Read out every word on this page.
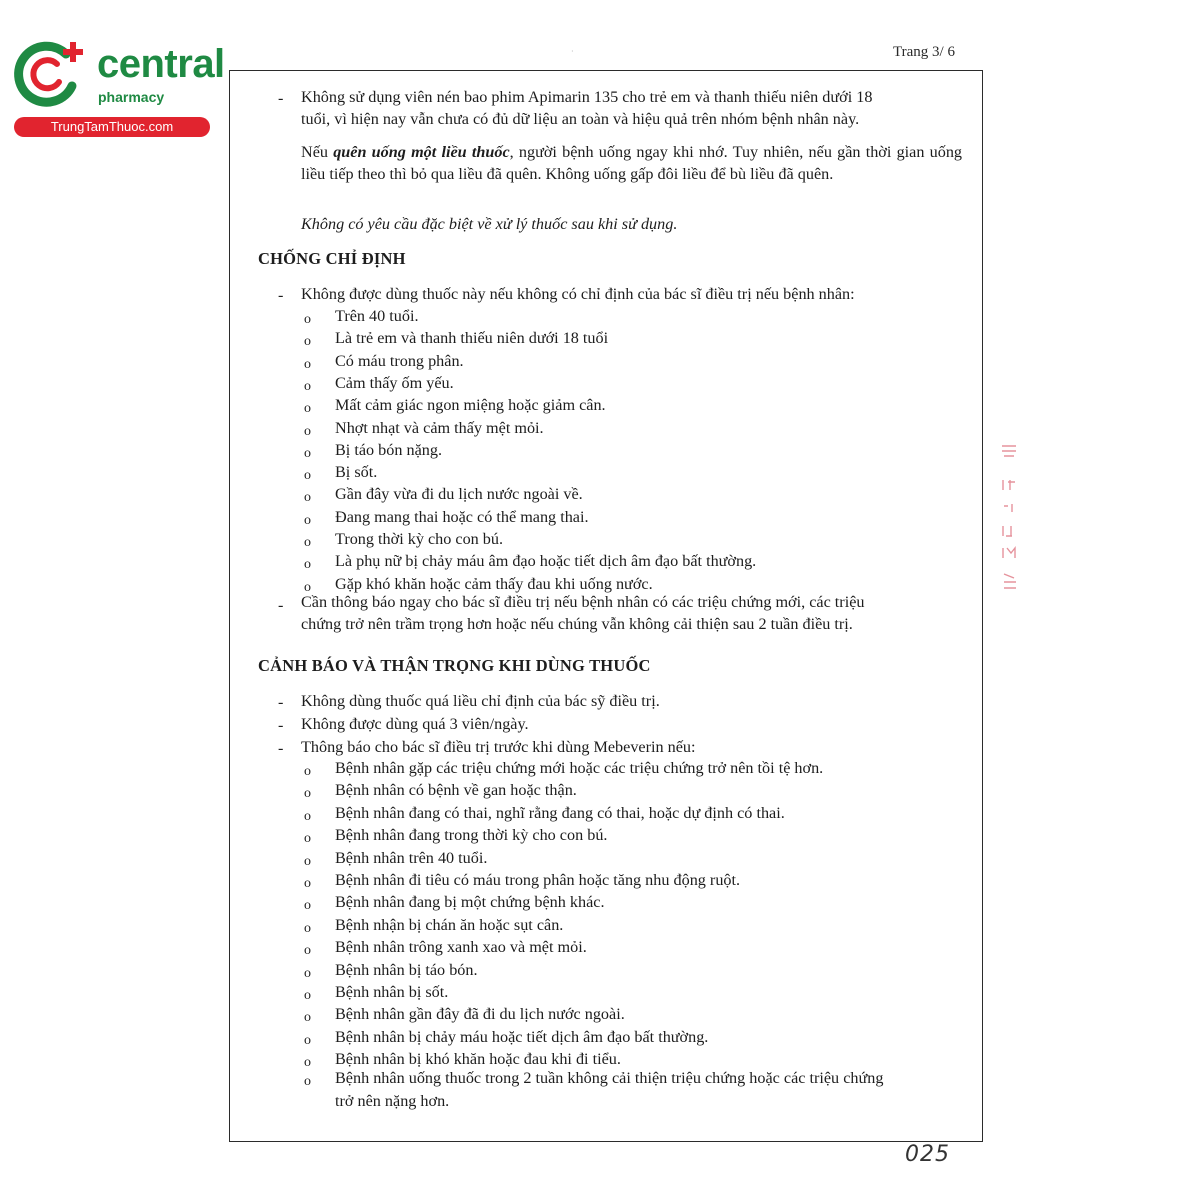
central
pharmacy
TrungTamThuoc.com
·	Trang 3/ 6
- Không sử dụng viên nén bao phim Apimarin 135 cho trẻ em và thanh thiếu niên dưới 18
tuổi, vì hiện nay vẫn chưa có đủ dữ liệu an toàn và hiệu quả trên nhóm bệnh nhân này.
Nếu quên uống một liều thuốc, người bệnh uống ngay khi nhớ. Tuy nhiên, nếu gần thời gian uống liều tiếp theo thì bỏ qua liều đã quên. Không uống gấp đôi liều để bù liều đã quên.
Không có yêu cầu đặc biệt về xử lý thuốc sau khi sử dụng.
CHỐNG CHỈ ĐỊNH
- Không được dùng thuốc này nếu không có chỉ định của bác sĩ điều trị nếu bệnh nhân:
o Trên 40 tuổi.
o Là trẻ em và thanh thiếu niên dưới 18 tuổi
o Có máu trong phân.
o Cảm thấy ốm yếu.
o Mất cảm giác ngon miệng hoặc giảm cân.
o Nhợt nhạt và cảm thấy mệt mỏi.
o Bị táo bón nặng.
o Bị sốt.
o Gần đây vừa đi du lịch nước ngoài về.
o Đang mang thai hoặc có thể mang thai.
o Trong thời kỳ cho con bú.
o Là phụ nữ bị chảy máu âm đạo hoặc tiết dịch âm đạo bất thường.
o Gặp khó khăn hoặc cảm thấy đau khi uống nước.
- Cần thông báo ngay cho bác sĩ điều trị nếu bệnh nhân có các triệu chứng mới, các triệu
chứng trở nên trầm trọng hơn hoặc nếu chúng vẫn không cải thiện sau 2 tuần điều trị.
CẢNH BÁO VÀ THẬN TRỌNG KHI DÙNG THUỐC
- Không dùng thuốc quá liều chỉ định của bác sỹ điều trị.
- Không được dùng quá 3 viên/ngày.
- Thông báo cho bác sĩ điều trị trước khi dùng Mebeverin nếu:
o Bệnh nhân gặp các triệu chứng mới hoặc các triệu chứng trở nên tồi tệ hơn.
o Bệnh nhân có bệnh về gan hoặc thận.
o Bệnh nhân đang có thai, nghĩ rằng đang có thai, hoặc dự định có thai.
o Bệnh nhân đang trong thời kỳ cho con bú.
o Bệnh nhân trên 40 tuổi.
o Bệnh nhân đi tiêu có máu trong phân hoặc tăng nhu động ruột.
o Bệnh nhân đang bị một chứng bệnh khác.
o Bệnh nhận bị chán ăn hoặc sụt cân.
o Bệnh nhân trông xanh xao và mệt mỏi.
o Bệnh nhân bị táo bón.
o Bệnh nhân bị sốt.
o Bệnh nhân gần đây đã đi du lịch nước ngoài.
o Bệnh nhân bị chảy máu hoặc tiết dịch âm đạo bất thường.
o Bệnh nhân bị khó khăn hoặc đau khi đi tiểu.
o Bệnh nhân uống thuốc trong 2 tuần không cải thiện triệu chứng hoặc các triệu chứng
trở nên nặng hơn.
025
